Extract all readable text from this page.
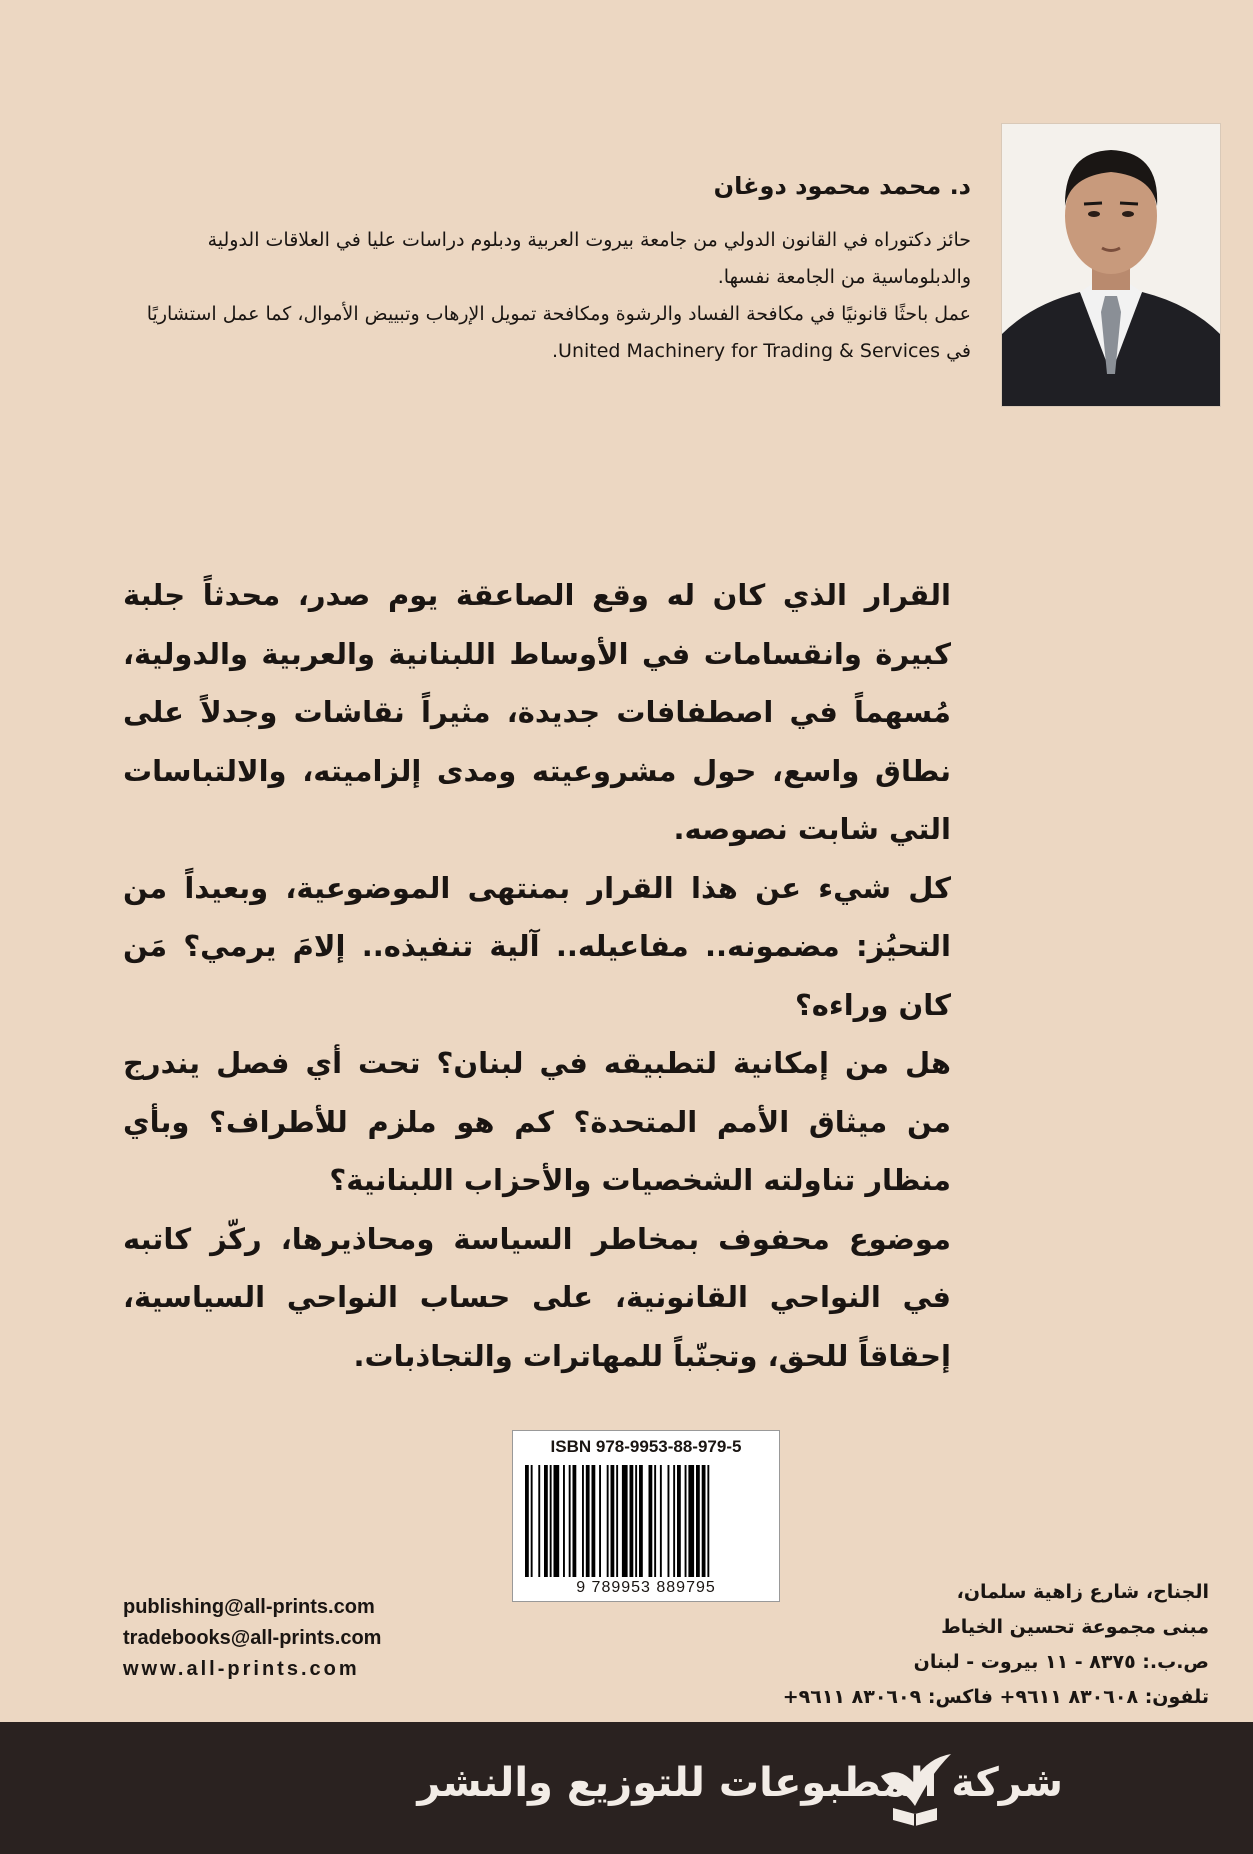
د. محمد محمود دوغان

حائز دكتوراه في القانون الدولي من جامعة بيروت العربية ودبلوم دراسات عليا في العلاقات الدولية والدبلوماسية من الجامعة نفسها.

عمل باحثًا قانونيًا في مكافحة الفساد والرشوة ومكافحة تمويل الإرهاب وتبييض الأموال، كما عمل استشاريًا في United Machinery for Trading & Services.

القرار الذي كان له وقع الصاعقة يوم صدر، محدثاً جلبة كبيرة وانقسامات في الأوساط اللبنانية والعربية والدولية، مُسهماً في اصطفافات جديدة، مثيراً نقاشات وجدلاً على نطاق واسع، حول مشروعيته ومدى إلزاميته، والالتباسات التي شابت نصوصه.

كل شيء عن هذا القرار بمنتهى الموضوعية، وبعيداً من التحيُز: مضمونه.. مفاعيله.. آلية تنفيذه.. إلامَ يرمي؟ مَن كان وراءه؟

هل من إمكانية لتطبيقه في لبنان؟ تحت أي فصل يندرج من ميثاق الأمم المتحدة؟ كم هو ملزم للأطراف؟ وبأي منظار تناولته الشخصيات والأحزاب اللبنانية؟

موضوع محفوف بمخاطر السياسة ومحاذيرها، ركّز كاتبه في النواحي القانونية، على حساب النواحي السياسية، إحقاقاً للحق، وتجنّباً للمهاترات والتجاذبات.

ISBN 978-9953-88-979-5
9 789953 889795	الجناح، شارع زاهية سلمان،
مبنى مجموعة تحسين الخياط
ص.ب.: ٨٣٧٥ - ١١ بيروت - لبنان
تلفون: ٨٣٠٦٠٨ ٩٦١١+ فاكس: ٨٣٠٦٠٩ ٩٦١١+
publishing@all-prints.com
tradebooks@all-prints.com
www.all-prints.com
شركة المطبوعات للتوزيع والنشر
